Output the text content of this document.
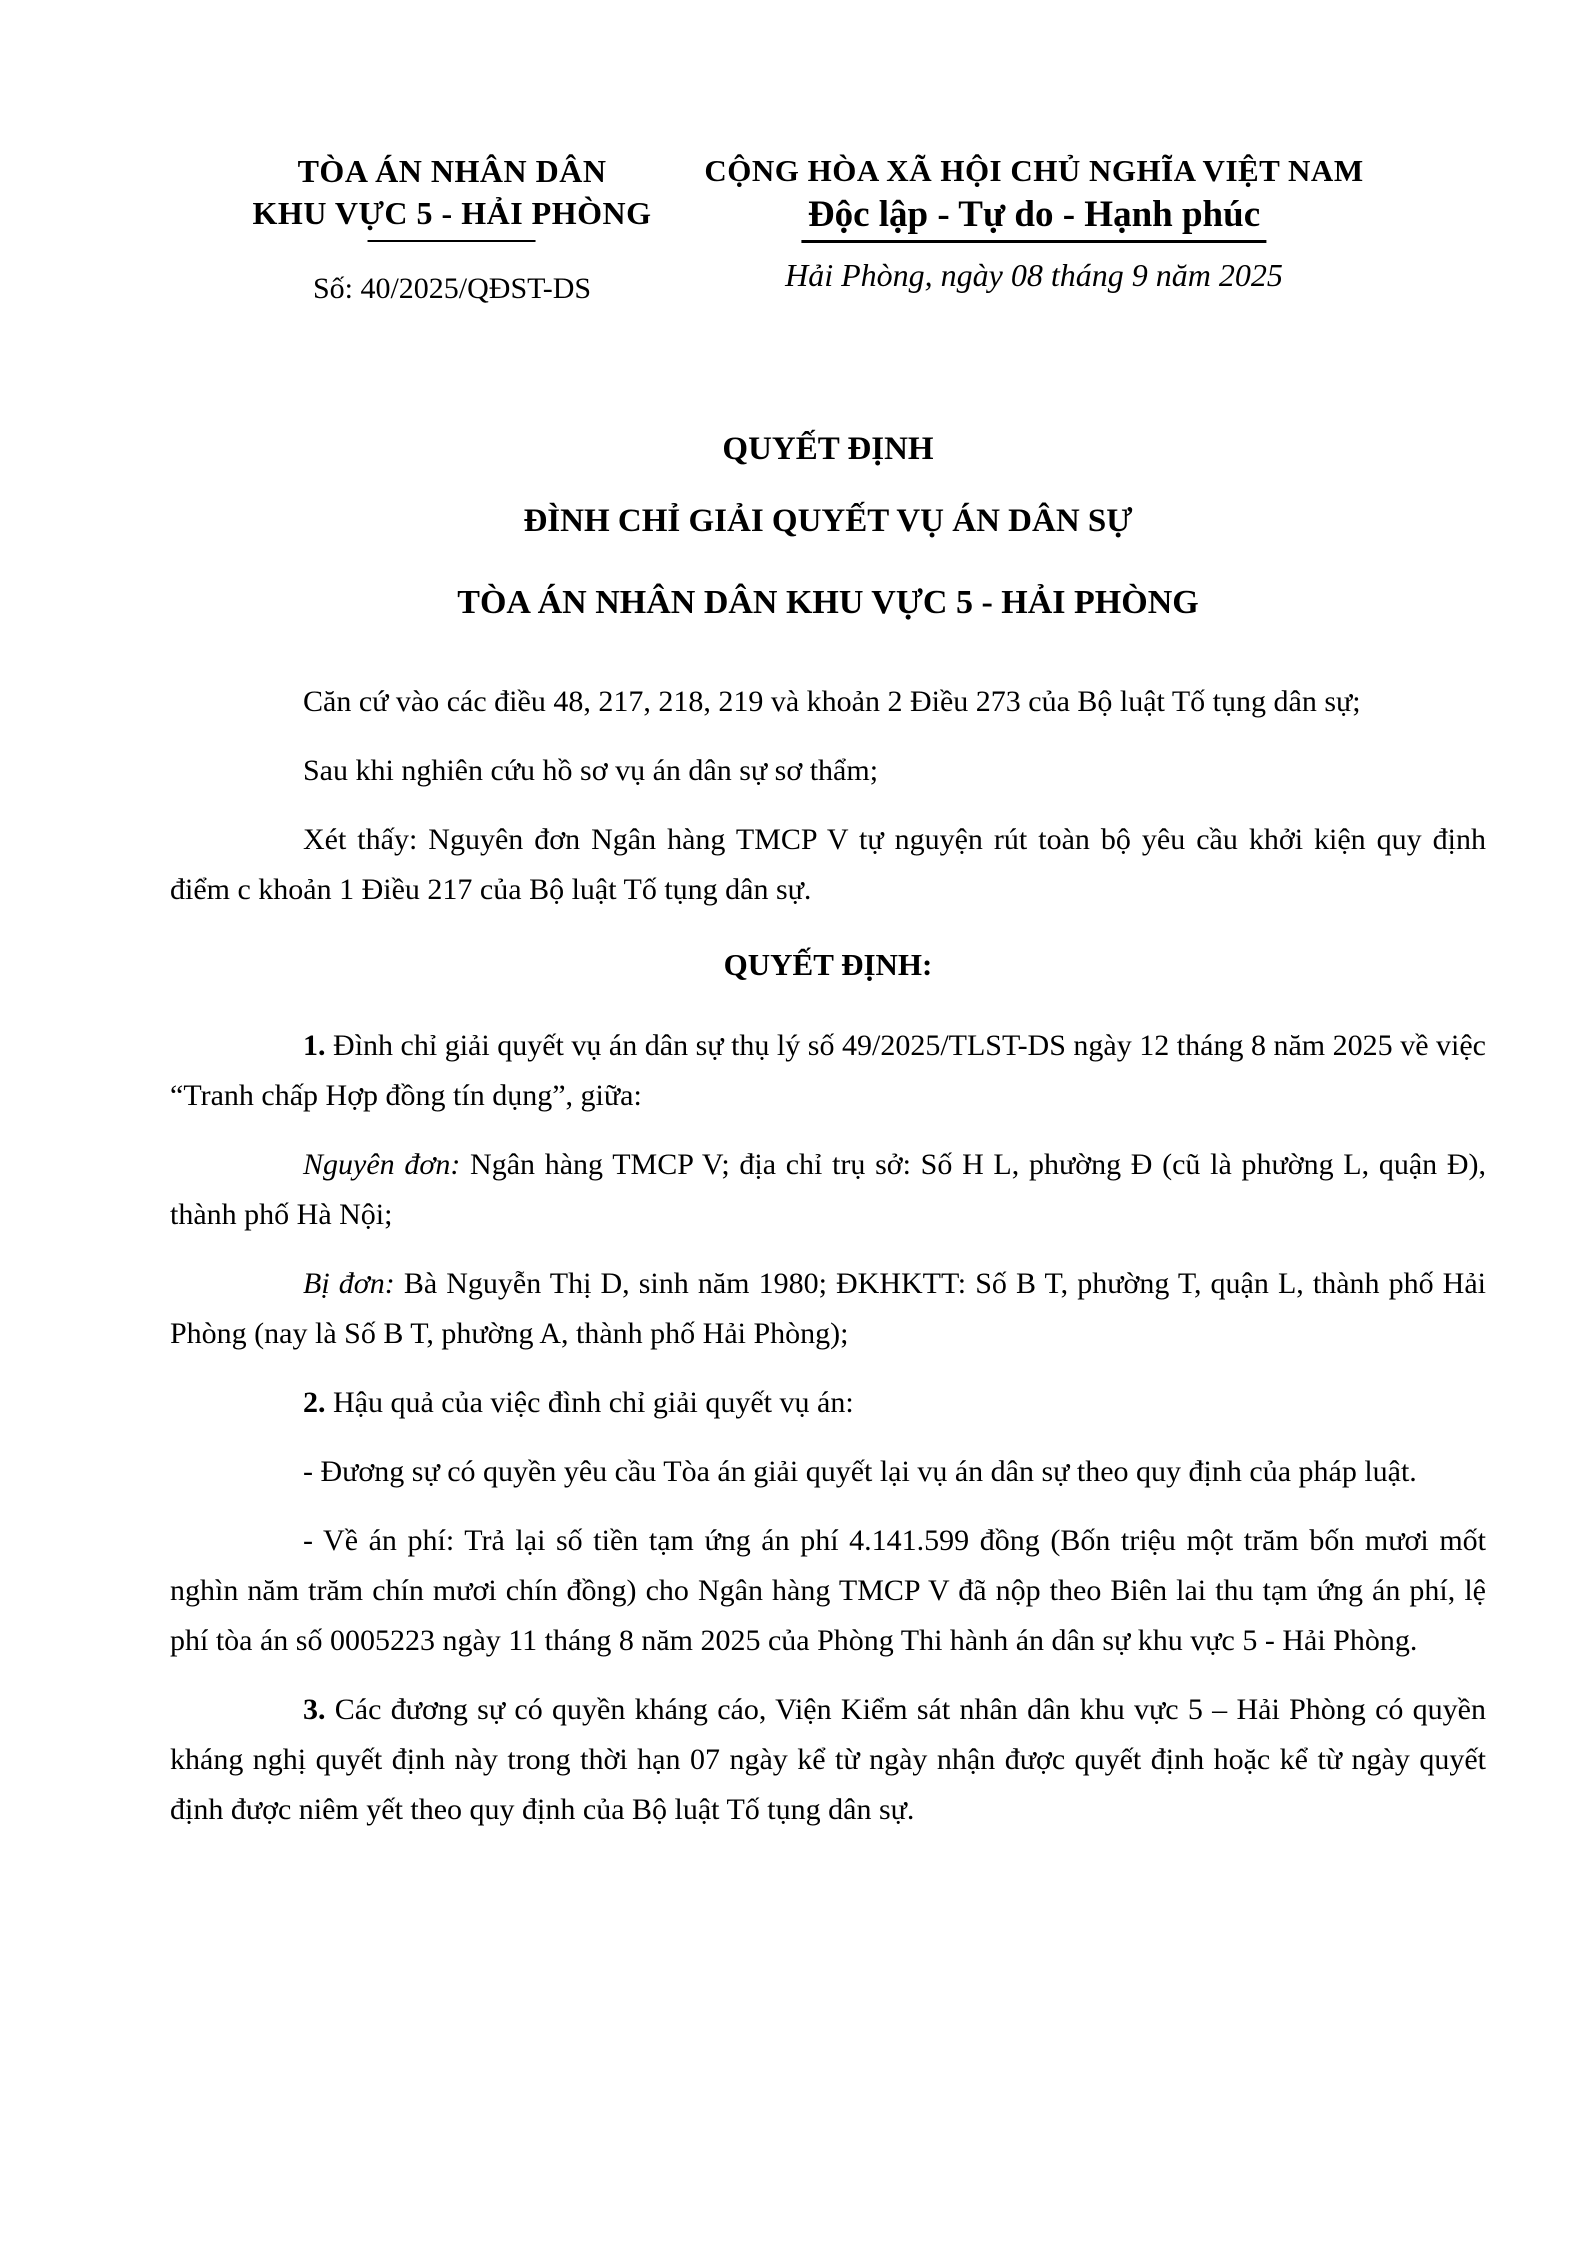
TÒA ÁN NHÂN DÂN
KHU VỰC 5 - HẢI PHÒNG
Số: 40/2025/QĐST-DS
CỘNG HÒA XÃ HỘI CHỦ NGHĨA VIỆT NAM
Độc lập - Tự do - Hạnh phúc
Hải Phòng, ngày 08 tháng 9 năm 2025
QUYẾT ĐỊNH
ĐÌNH CHỈ GIẢI QUYẾT VỤ ÁN DÂN SỰ
TÒA ÁN NHÂN DÂN KHU VỰC 5 - HẢI PHÒNG

Căn cứ vào các điều 48, 217, 218, 219 và khoản 2 Điều 273 của Bộ luật Tố tụng dân sự;

Sau khi nghiên cứu hồ sơ vụ án dân sự sơ thẩm;

Xét thấy: Nguyên đơn Ngân hàng TMCP V tự nguyện rút toàn bộ yêu cầu khởi kiện quy định điểm c khoản 1 Điều 217 của Bộ luật Tố tụng dân sự.

QUYẾT ĐỊNH:

1. Đình chỉ giải quyết vụ án dân sự thụ lý số 49/2025/TLST-DS ngày 12 tháng 8 năm 2025 về việc “Tranh chấp Hợp đồng tín dụng”, giữa:

Nguyên đơn: Ngân hàng TMCP V; địa chỉ trụ sở: Số H L, phường Đ (cũ là phường L, quận Đ), thành phố Hà Nội;

Bị đơn: Bà Nguyễn Thị D, sinh năm 1980; ĐKHKTT: Số B T, phường T, quận L, thành phố Hải Phòng (nay là Số B T, phường A, thành phố Hải Phòng);

2. Hậu quả của việc đình chỉ giải quyết vụ án:

- Đương sự có quyền yêu cầu Tòa án giải quyết lại vụ án dân sự theo quy định của pháp luật.

- Về án phí: Trả lại số tiền tạm ứng án phí 4.141.599 đồng (Bốn triệu một trăm bốn mươi mốt nghìn năm trăm chín mươi chín đồng) cho Ngân hàng TMCP V đã nộp theo Biên lai thu tạm ứng án phí, lệ phí tòa án số 0005223 ngày 11 tháng 8 năm 2025 của Phòng Thi hành án dân sự khu vực 5 - Hải Phòng.

3. Các đương sự có quyền kháng cáo, Viện Kiểm sát nhân dân khu vực 5 – Hải Phòng có quyền kháng nghị quyết định này trong thời hạn 07 ngày kể từ ngày nhận được quyết định hoặc kể từ ngày quyết định được niêm yết theo quy định của Bộ luật Tố tụng dân sự.
